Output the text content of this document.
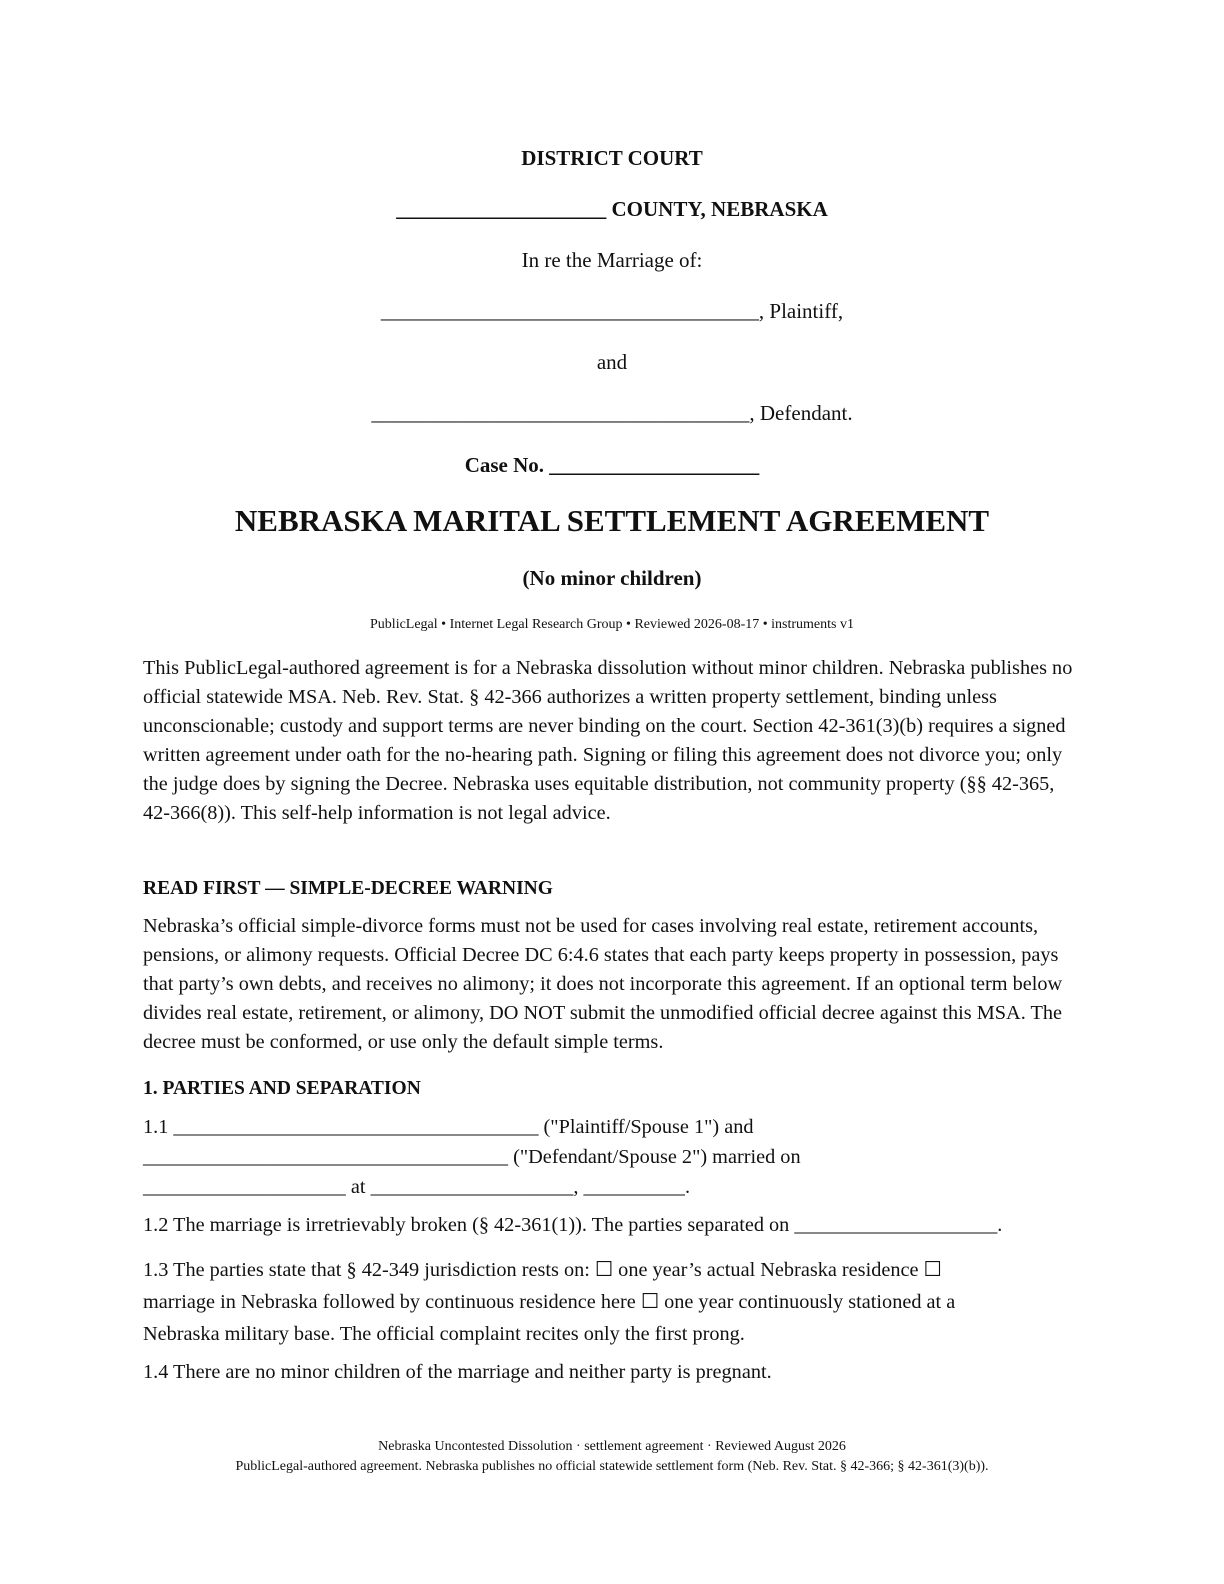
DISTRICT COURT
____________________ COUNTY, NEBRASKA
In re the Marriage of:
____________________________________, Plaintiff,
and
____________________________________, Defendant.
Case No. ____________________
NEBRASKA MARITAL SETTLEMENT AGREEMENT
(No minor children)
PublicLegal • Internet Legal Research Group • Reviewed 2026-08-17 • instruments v1
This PublicLegal-authored agreement is for a Nebraska dissolution without minor children. Nebraska publishes no official statewide MSA. Neb. Rev. Stat. § 42-366 authorizes a written property settlement, binding unless unconscionable; custody and support terms are never binding on the court. Section 42-361(3)(b) requires a signed written agreement under oath for the no-hearing path. Signing or filing this agreement does not divorce you; only the judge does by signing the Decree. Nebraska uses equitable distribution, not community property (§§ 42-365, 42-366(8)). This self-help information is not legal advice.
READ FIRST — SIMPLE-DECREE WARNING
Nebraska’s official simple-divorce forms must not be used for cases involving real estate, retirement accounts, pensions, or alimony requests. Official Decree DC 6:4.6 states that each party keeps property in possession, pays that party’s own debts, and receives no alimony; it does not incorporate this agreement. If an optional term below divides real estate, retirement, or alimony, DO NOT submit the unmodified official decree against this MSA. The decree must be conformed, or use only the default simple terms.
1. PARTIES AND SEPARATION
1.1 ____________________________________ ("Plaintiff/Spouse 1") and
____________________________________ ("Defendant/Spouse 2") married on
____________________ at ____________________, __________.
1.2 The marriage is irretrievably broken (§ 42-361(1)). The parties separated on ____________________.
1.3 The parties state that § 42-349 jurisdiction rests on: ☐ one year’s actual Nebraska residence ☐
marriage in Nebraska followed by continuous residence here ☐ one year continuously stationed at a
Nebraska military base. The official complaint recites only the first prong.
1.4 There are no minor children of the marriage and neither party is pregnant.
Nebraska Uncontested Dissolution · settlement agreement · Reviewed August 2026
PublicLegal-authored agreement. Nebraska publishes no official statewide settlement form (Neb. Rev. Stat. § 42-366; § 42-361(3)(b)).
